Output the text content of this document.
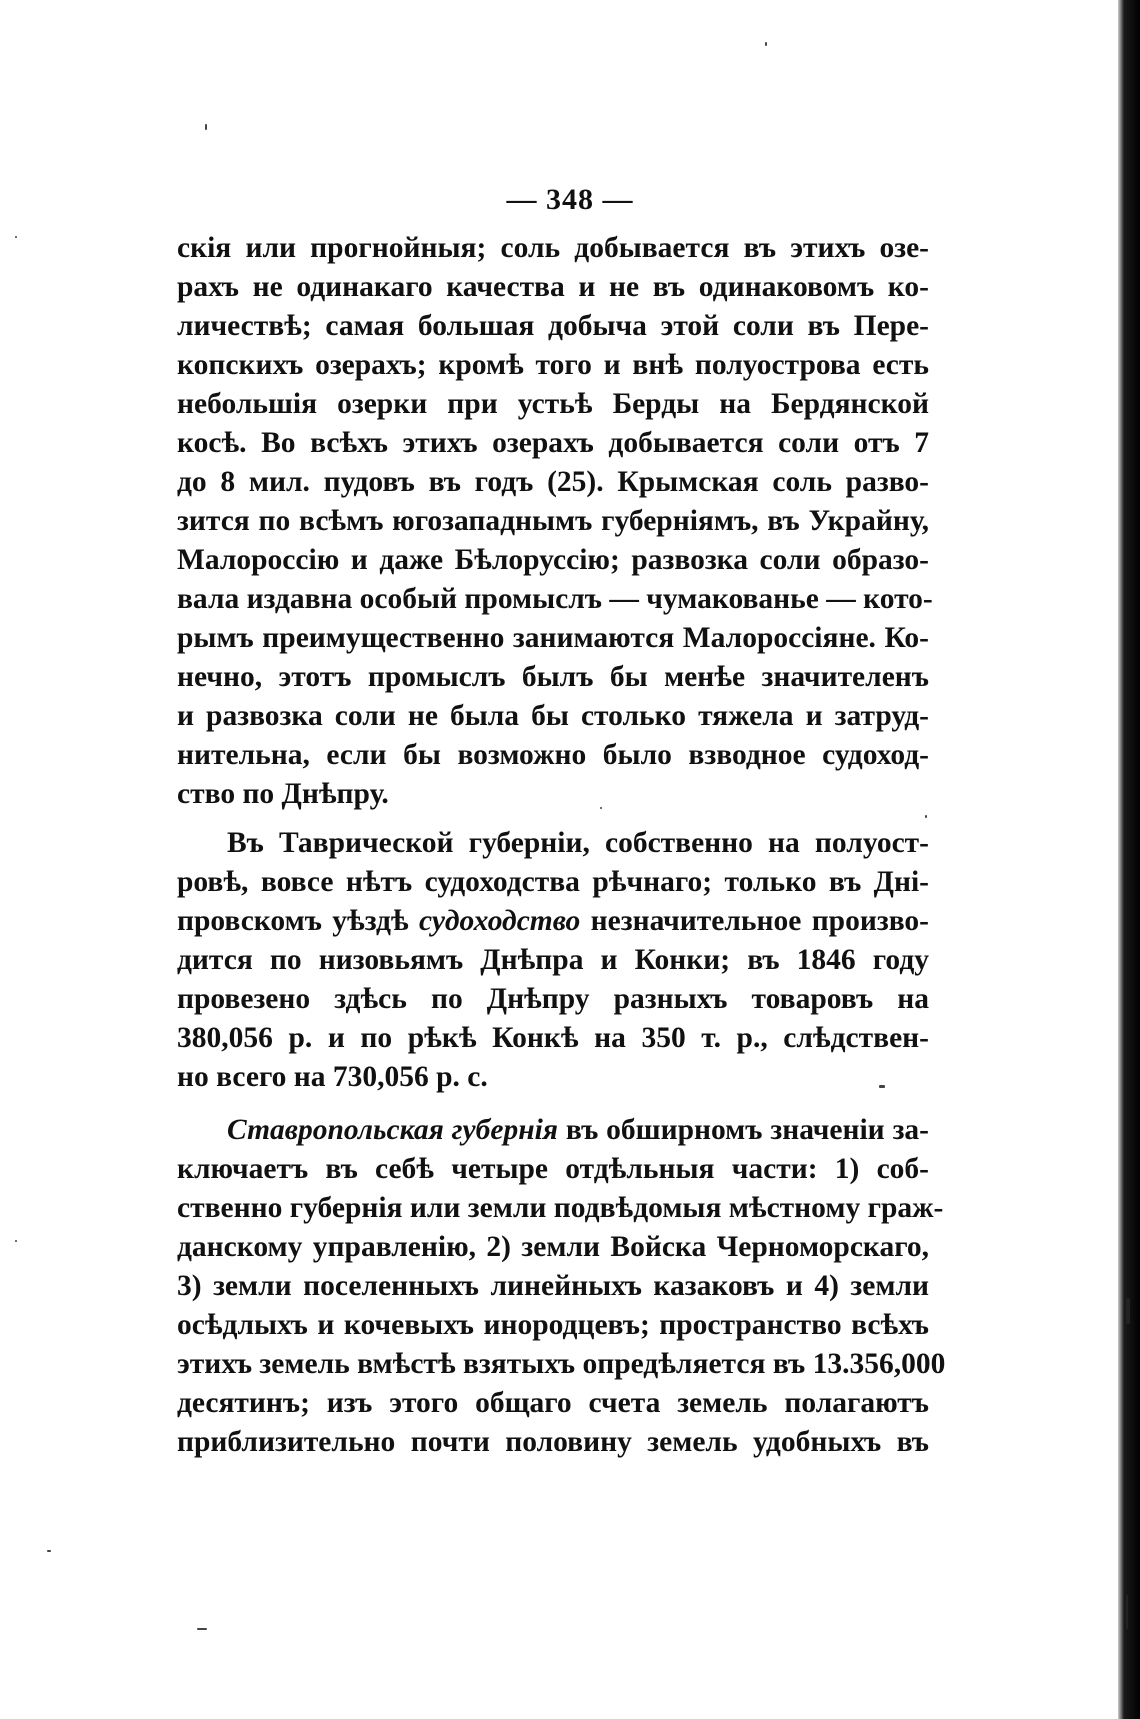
— 348 —
скія или прогнойныя; соль добывается въ этихъ озе-
рахъ не одинакаго качества и не въ одинаковомъ ко-
личествѣ; самая большая добыча этой соли въ Пере-
копскихъ озерахъ; кромѣ того и внѣ полуострова есть
небольшія озерки при устьѣ Берды на Бердянской
косѣ. Во всѣхъ этихъ озерахъ добывается соли отъ 7
до 8 мил. пудовъ въ годъ (25). Крымская соль разво-
зится по всѣмъ югозападнымъ губерніямъ, въ Украйну,
Малороссію и даже Бѣлоруссію; развозка соли образо-
вала издавна особый промыслъ — чумакованье — кото-
рымъ преимущественно занимаются Малороссіяне. Ко-
нечно, этотъ промыслъ былъ бы менѣе значителенъ
и развозка соли не была бы столько тяжела и затруд-
нительна, если бы возможно было взводное судоход-
ство по Днѣпру.
Въ Таврической губерніи, собственно на полуост-
ровѣ, вовсе нѣтъ судоходства рѣчнаго; только въ Дні-
провскомъ уѣздѣ судоходство незначительное произво-
дится по низовьямъ Днѣпра и Конки; въ 1846 году
провезено здѣсь по Днѣпру разныхъ товаровъ на
380,056 р. и по рѣкѣ Конкѣ на 350 т. р., слѣдствен-
но всего на 730,056 р. с.
Ставропольская губернія въ обширномъ значеніи за-
ключаетъ въ себѣ четыре отдѣльныя части: 1) соб-
ственно губернія или земли подвѣдомыя мѣстному граж-
данскому управленію, 2) земли Войска Черноморскаго,
3) земли поселенныхъ линейныхъ казаковъ и 4) земли
осѣдлыхъ и кочевыхъ инородцевъ; пространство всѣхъ
этихъ земель вмѣстѣ взятыхъ опредѣляется въ 13.356,000
десятинъ; изъ этого общаго счета земель полагаютъ
приблизительно почти половину земель удобныхъ въ
